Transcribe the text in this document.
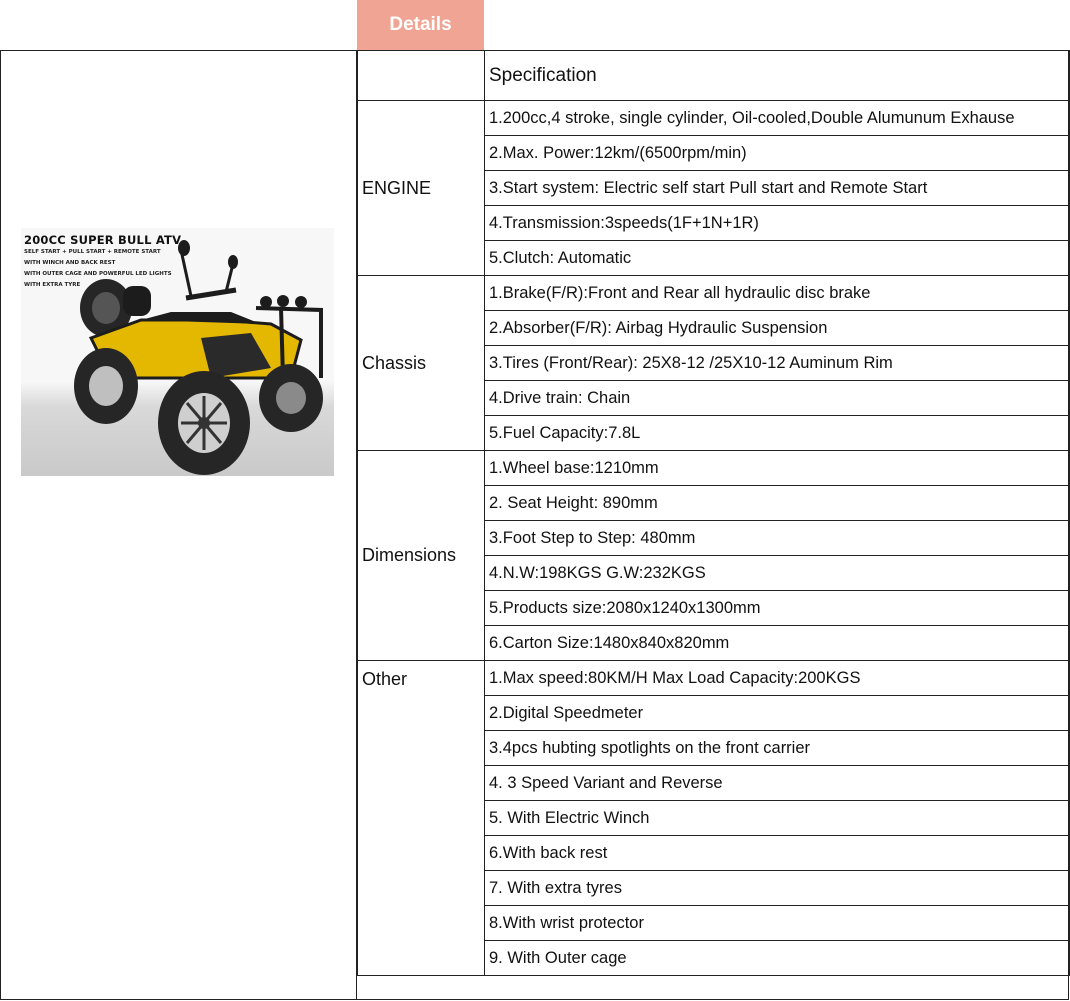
Details
200CC SUPER BULL ATV
SELF START + PULL START + REMOTE START
WITH WINCH AND BACK REST
WITH OUTER CAGE AND POWERFUL LED LIGHTS
WITH EXTRA TYRE
	Specification
ENGINE	1.200cc,4 stroke, single cylinder, Oil-cooled,Double Alumunum Exhause
	2.Max. Power:12km/(6500rpm/min)
	3.Start system: Electric self start Pull start and Remote Start
	4.Transmission:3speeds(1F+1N+1R)
	5.Clutch: Automatic
Chassis	1.Brake(F/R):Front and Rear all hydraulic disc brake
	2.Absorber(F/R): Airbag Hydraulic Suspension
	3.Tires (Front/Rear): 25X8-12 /25X10-12 Auminum Rim
	4.Drive train: Chain
	5.Fuel Capacity:7.8L
Dimensions	1.Wheel base:1210mm
	2. Seat Height: 890mm
	3.Foot Step to Step: 480mm
	4.N.W:198KGS G.W:232KGS
	5.Products size:2080x1240x1300mm
	6.Carton Size:1480x840x820mm
Other	1.Max speed:80KM/H Max Load Capacity:200KGS
	2.Digital Speedmeter
	3.4pcs hubting spotlights on the front carrier
	4. 3 Speed Variant and Reverse
	5. With Electric Winch
	6.With back rest
	7. With extra tyres
	8.With wrist protector
	9. With Outer cage
